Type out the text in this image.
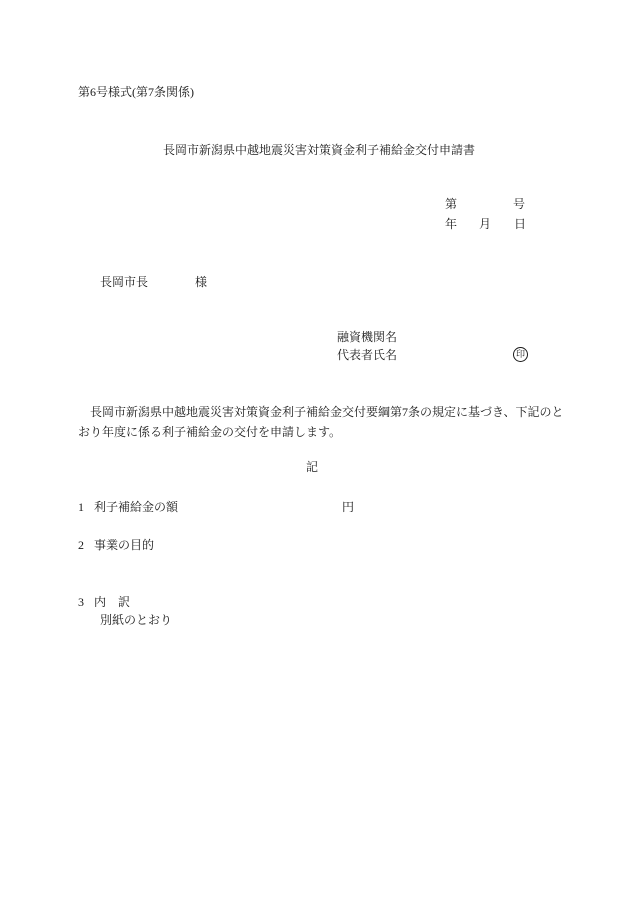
第6号様式(第7条関係)
長岡市新潟県中越地震災害対策資金利子補給金交付申請書
第	号
年 月 日
長岡市長	様
融資機関名
代表者氏名	印
長岡市新潟県中越地震災害対策資金利子補給金交付要綱第7条の規定に基づき、下記のと
おり年度に係る利子補給金の交付を申請します。
記
1 利子補給金の額	円
2 事業の目的
3 内　訳
別紙のとおり
